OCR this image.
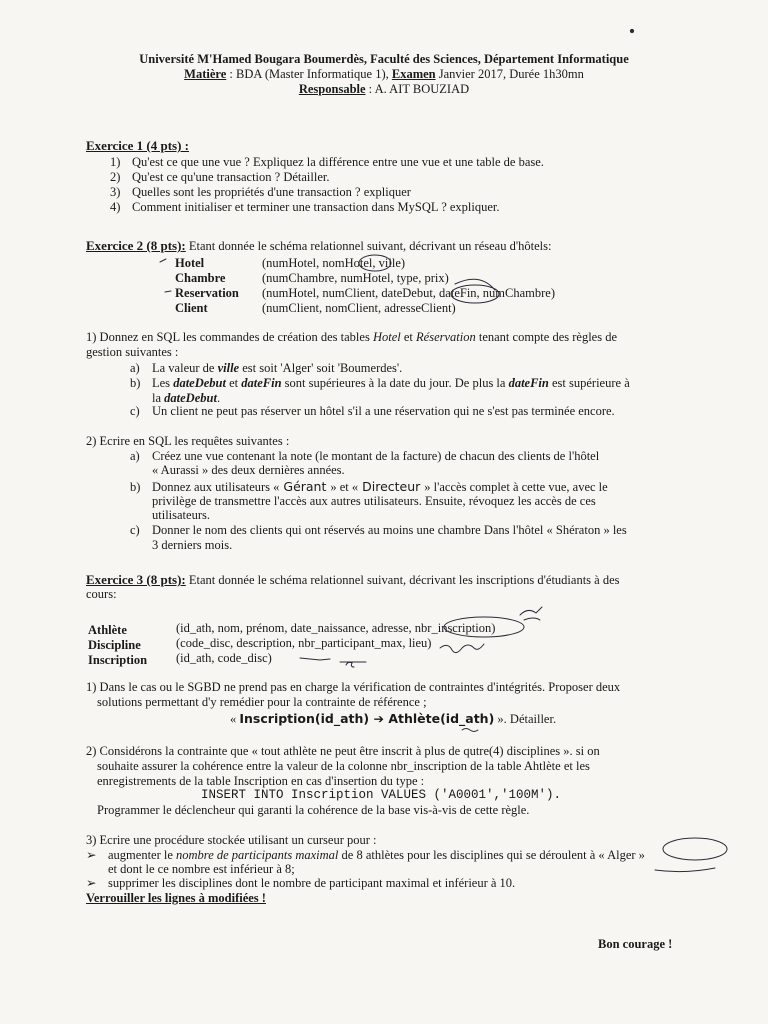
Université M'Hamed Bougara Boumerdès, Faculté des Sciences, Département Informatique
Matière : BDA (Master Informatique 1), Examen Janvier 2017, Durée 1h30mn
Responsable : A. AIT BOUZIAD
Exercice 1 (4 pts) :
1) Qu'est ce que une vue ? Expliquez la différence entre une vue et une table de base.
2) Qu'est ce qu'une transaction ? Détailler.
3) Quelles sont les propriétés d'une transaction ? expliquer
4) Comment initialiser et terminer une transaction dans MySQL ? expliquer.
Exercice 2 (8 pts): Etant donnée le schéma relationnel suivant, décrivant un réseau d'hôtels:
Hotel	(numHotel, nomHotel, ville)
Chambre	(numChambre, numHotel, type, prix)
Reservation (numHotel, numClient, dateDebut, dateFin, numChambre)
Client	(numClient, nomClient, adresseClient)
1) Donnez en SQL les commandes de création des tables Hotel et Réservation tenant compte des règles de
gestion suivantes :
a) La valeur de ville est soit 'Alger' soit 'Boumerdes'.
b) Les dateDebut et dateFin sont supérieures à la date du jour. De plus la dateFin est supérieure à
la dateDebut.
c) Un client ne peut pas réserver un hôtel s'il a une réservation qui ne s'est pas terminée encore.
2) Ecrire en SQL les requêtes suivantes :
a) Créez une vue contenant la note (le montant de la facture) de chacun des clients de l'hôtel
« Aurassi » des deux dernières années.
b) Donnez aux utilisateurs « Gérant » et « Directeur » l'accès complet à cette vue, avec le
privilège de transmettre l'accès aux autres utilisateurs. Ensuite, révoquez les accès de ces
utilisateurs.
c) Donner le nom des clients qui ont réservés au moins une chambre Dans l'hôtel « Shératon » les
3 derniers mois.
Exercice 3 (8 pts): Etant donnée le schéma relationnel suivant, décrivant les inscriptions d'étudiants à des
cours:
Athlète	(id_ath, nom, prénom, date_naissance, adresse, nbr_inscription)
Discipline	(code_disc, description, nbr_participant_max, lieu)
Inscription (id_ath, code_disc)
1) Dans le cas ou le SGBD ne prend pas en charge la vérification de contraintes d'intégrités. Proposer deux
solutions permettant d'y remédier pour la contrainte de référence ;
« Inscription(id_ath) ➔ Athlète(id_ath) ». Détailler.
2) Considérons la contrainte que « tout athlète ne peut être inscrit à plus de qutre(4) disciplines ». si on
souhaite assurer la cohérence entre la valeur de la colonne nbr_inscription de la table Ahtlète et les
enregistrements de la table Inscription en cas d'insertion du type :
INSERT INTO Inscription VALUES ('A0001','100M').
Programmer le déclencheur qui garanti la cohérence de la base vis-à-vis de cette règle.
3) Ecrire une procédure stockée utilisant un curseur pour :
➢ augmenter le nombre de participants maximal de 8 athlètes pour les disciplines qui se déroulent à « Alger »
et dont le ce nombre est inférieur à 8;
➢ supprimer les disciplines dont le nombre de participant maximal et inférieur à 10.
Verrouiller les lignes à modifiées !
Bon courage !
